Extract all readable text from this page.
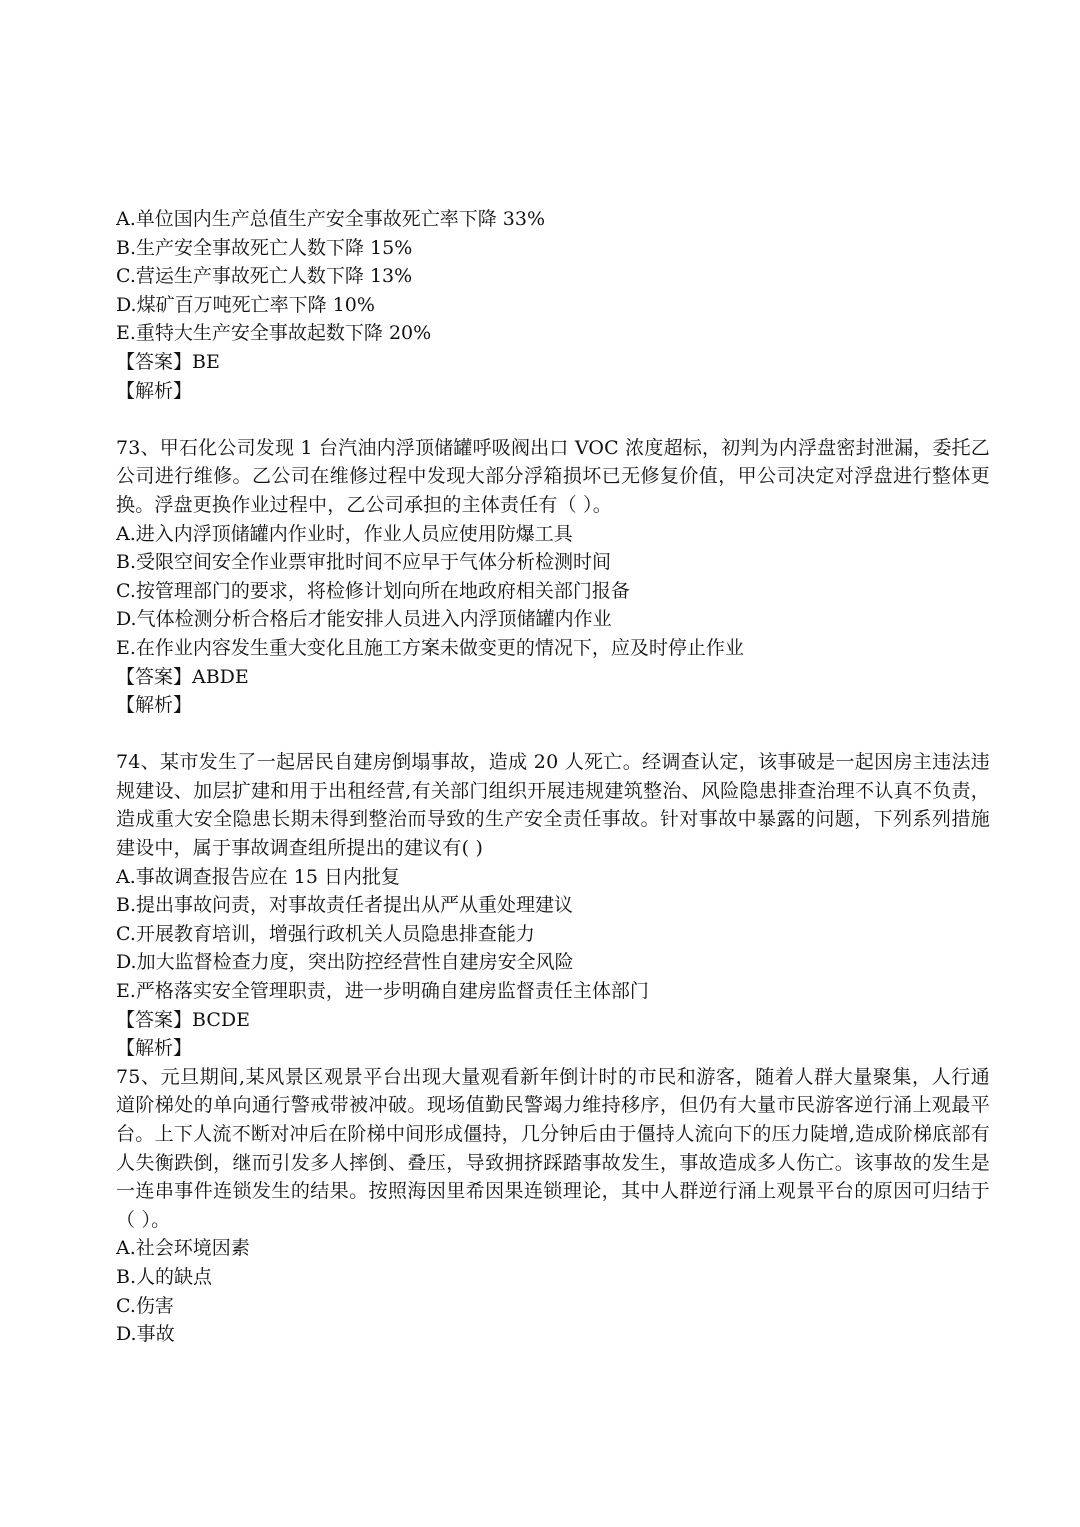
A.单位国内生产总值生产安全事故死亡率下降 33%
B.生产安全事故死亡人数下降 15%
C.营运生产事故死亡人数下降 13%
D.煤矿百万吨死亡率下降 10%
E.重特大生产安全事故起数下降 20%
【答案】BE
【解析】
73、甲石化公司发现 1 台汽油内浮顶储罐呼吸阀出口 VOC 浓度超标，初判为内浮盘密封泄漏，委托乙公司进行维修。乙公司在维修过程中发现大部分浮箱损坏已无修复价值，甲公司决定对浮盘进行整体更换。浮盘更换作业过程中，乙公司承担的主体责任有（ ）。
A.进入内浮顶储罐内作业时，作业人员应使用防爆工具
B.受限空间安全作业票审批时间不应早于气体分析检测时间
C.按管理部门的要求，将检修计划向所在地政府相关部门报备
D.气体检测分析合格后才能安排人员进入内浮顶储罐内作业
E.在作业内容发生重大变化且施工方案未做变更的情况下，应及时停止作业
【答案】ABDE
【解析】
74、某市发生了一起居民自建房倒塌事故，造成 20 人死亡。经调查认定，该事破是一起因房主违法违规建设、加层扩建和用于出租经营,有关部门组织开展违规建筑整治、风险隐患排查治理不认真不负责，造成重大安全隐患长期未得到整治而导致的生产安全责任事故。针对事故中暴露的问题，下列系列措施建设中，属于事故调查组所提出的建议有( )
A.事故调查报告应在 15 日内批复
B.提出事故问责，对事故责任者提出从严从重处理建议
C.开展教育培训，增强行政机关人员隐患排查能力
D.加大监督检查力度，突出防控经营性自建房安全风险
E.严格落实安全管理职责，进一步明确自建房监督责任主体部门
【答案】BCDE
【解析】
75、元旦期间,某风景区观景平台出现大量观看新年倒计时的市民和游客，随着人群大量聚集，人行通道阶梯处的单向通行警戒带被冲破。现场值勤民警竭力维持移序，但仍有大量市民游客逆行涌上观最平台。上下人流不断对冲后在阶梯中间形成僵持，几分钟后由于僵持人流向下的压力陡增,造成阶梯底部有人失衡跌倒，继而引发多人摔倒、叠压，导致拥挤踩踏事故发生，事故造成多人伤亡。该事故的发生是一连串事件连锁发生的结果。按照海因里希因果连锁理论，其中人群逆行涌上观景平台的原因可归结于（ ）。
A.社会环境因素
B.人的缺点
C.伤害
D.事故
